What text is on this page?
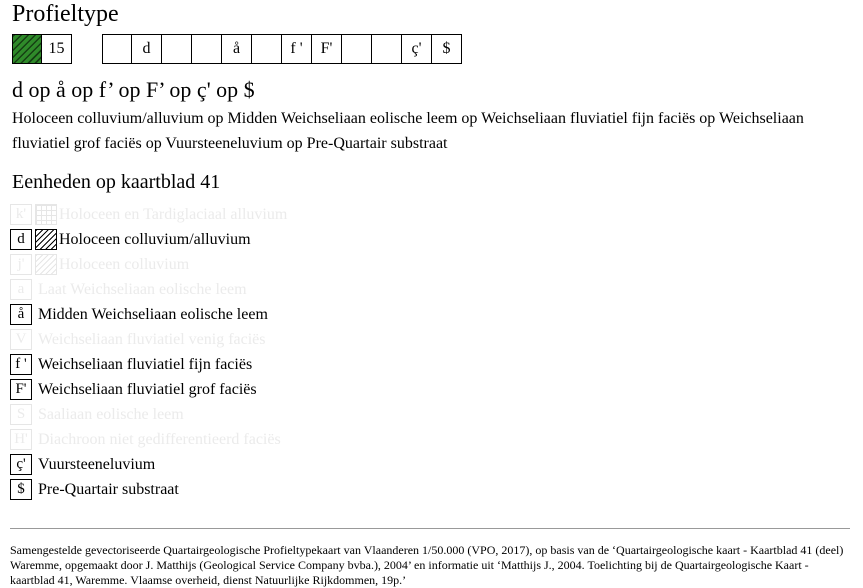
Profieltype
15	d	å	f '	F'	ç'	$
d op å op f’ op F’ op ç' op $
Holoceen colluvium/alluvium op Midden Weichseliaan eolische leem op Weichseliaan fluviatiel fijn faciës op Weichseliaan fluviatiel grof faciës op Vuursteeneluvium op Pre-Quartair substraat
Eenheden op kaartblad 41
k'	Holoceen en Tardiglaciaal alluvium
d	Holoceen colluvium/alluvium
j'	Holoceen colluvium
a Laat Weichseliaan eolische leem
å Midden Weichseliaan eolische leem
V Weichseliaan fluviatiel venig faciës
f ' Weichseliaan fluviatiel fijn faciës
F' Weichseliaan fluviatiel grof faciës
S Saaliaan eolische leem
H' Diachroon niet gedifferentieerd faciës
ç' Vuursteeneluvium
$ Pre-Quartair substraat
Samengestelde gevectoriseerde Quartairgeologische Profieltypekaart van Vlaanderen 1/50.000 (VPO, 2017), op basis van de ‘Quartairgeologische kaart - Kaartblad 41 (deel) Waremme, opgemaakt door J. Matthijs (Geological Service Company bvba.), 2004’ en informatie uit ‘Matthijs J., 2004. Toelichting bij de Quartairgeologische Kaart - kaartblad 41, Waremme. Vlaamse overheid, dienst Natuurlijke Rijkdommen, 19p.’
